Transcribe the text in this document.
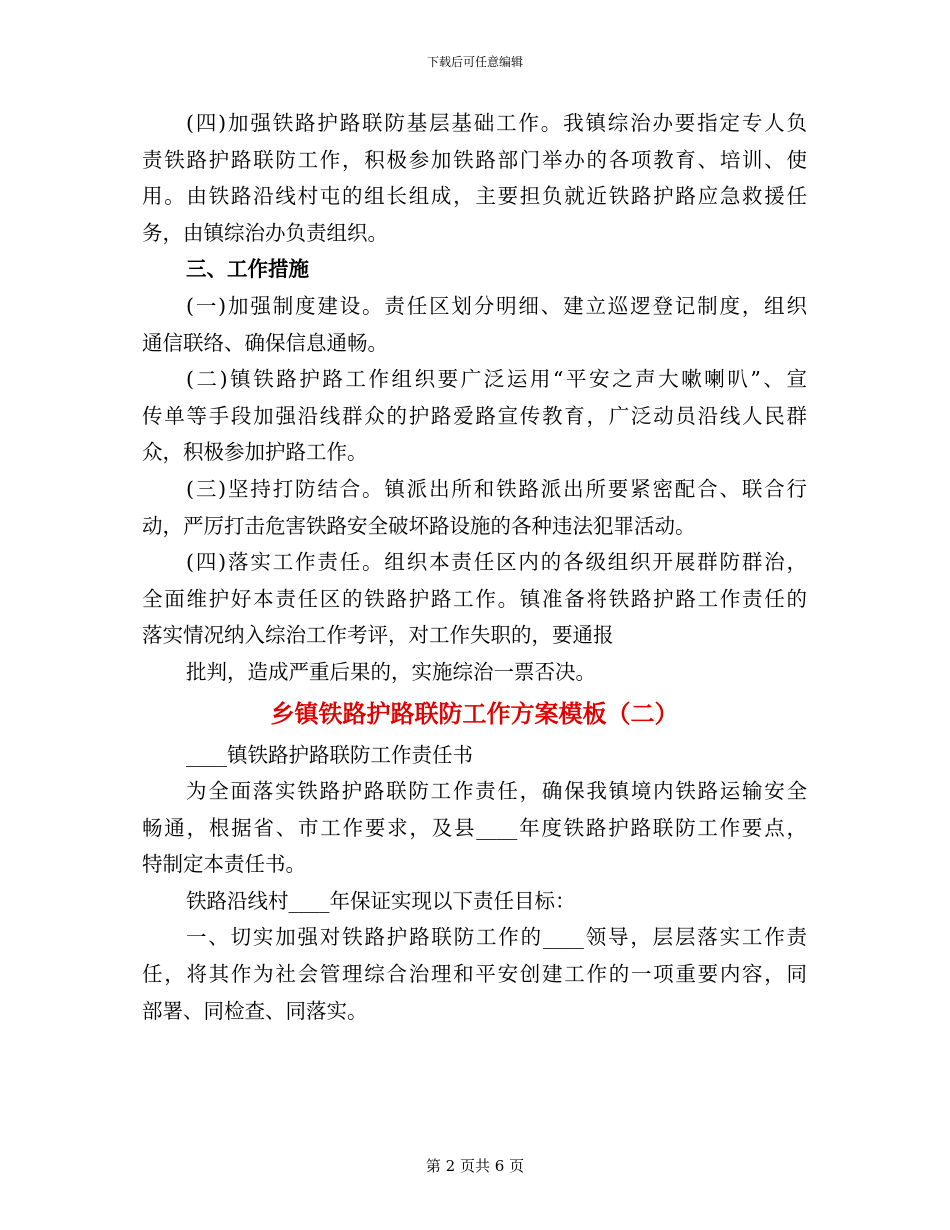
下载后可任意编辑
(四)加强铁路护路联防基层基础工作。我镇综治办要指定专人负
责铁路护路联防工作，积极参加铁路部门举办的各项教育、培训、使
用。由铁路沿线村屯的组长组成，主要担负就近铁路护路应急救援任
务，由镇综治办负责组织。
三、工作措施
(一)加强制度建设。责任区划分明细、建立巡逻登记制度，组织
通信联络、确保信息通畅。
(二)镇铁路护路工作组织要广泛运用“平安之声大嗽喇叭”、宣
传单等手段加强沿线群众的护路爱路宣传教育，广泛动员沿线人民群
众，积极参加护路工作。
(三)坚持打防结合。镇派出所和铁路派出所要紧密配合、联合行
动，严厉打击危害铁路安全破坏路设施的各种违法犯罪活动。
(四)落实工作责任。组织本责任区内的各级组织开展群防群治，
全面维护好本责任区的铁路护路工作。镇准备将铁路护路工作责任的
落实情况纳入综治工作考评，对工作失职的，要通报
批判，造成严重后果的，实施综治一票否决。
乡镇铁路护路联防工作方案模板（二）
____镇铁路护路联防工作责任书
为全面落实铁路护路联防工作责任，确保我镇境内铁路运输安全
畅通，根据省、市工作要求，及县____年度铁路护路联防工作要点，
特制定本责任书。
铁路沿线村____年保证实现以下责任目标：
一、切实加强对铁路护路联防工作的____领导，层层落实工作责
任，将其作为社会管理综合治理和平安创建工作的一项重要内容，同
部署、同检查、同落实。
第 2 页共 6 页
